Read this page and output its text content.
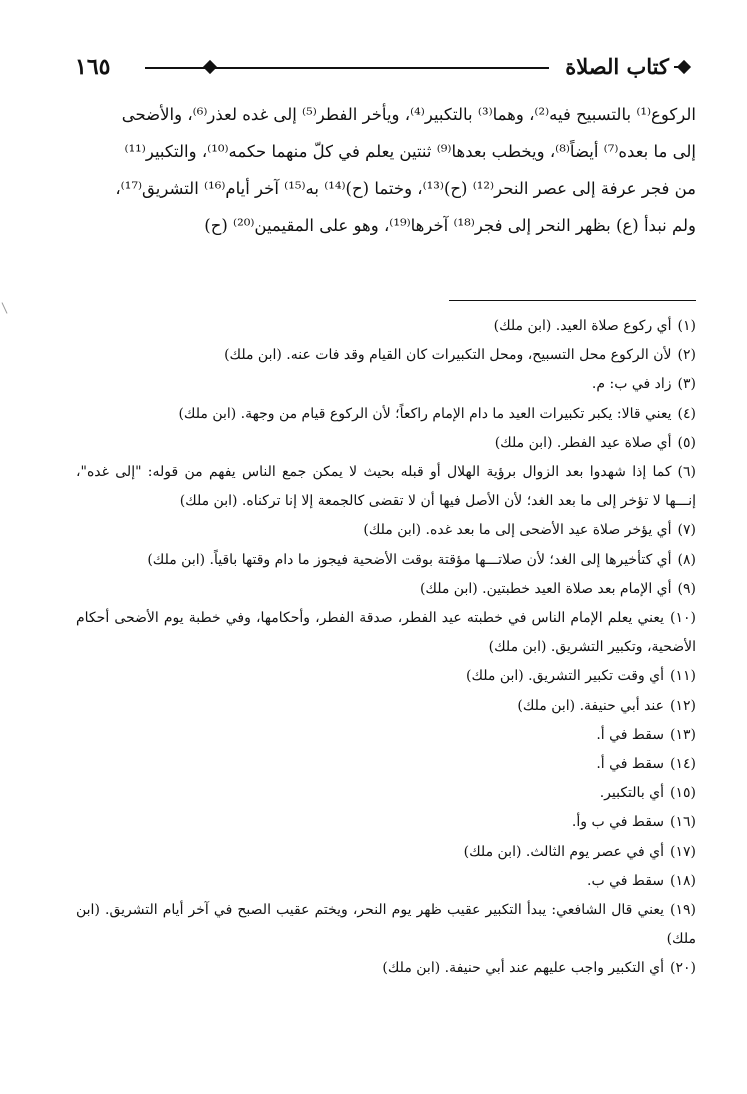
١٦٥	كتاب الصلاة
الركوع⁽¹⁾ بالتسبيح فيه⁽²⁾، وهما⁽³⁾ بالتكبير⁽⁴⁾، ويأخر الفطر⁽⁵⁾ إلى غده لعذر⁽⁶⁾، والأضحى
إلى ما بعده⁽⁷⁾ أيضاً⁽⁸⁾، ويخطب بعدها⁽⁹⁾ ثنتين يعلم في كلّ منهما حكمه⁽¹⁰⁾، والتكبير⁽¹¹⁾
من فجر عرفة إلى عصر النحر⁽¹²⁾ (ح)⁽¹³⁾، وختما (ح)⁽¹⁴⁾ به⁽¹⁵⁾ آخر أيام⁽¹⁶⁾ التشريق⁽¹⁷⁾،
ولم نبدأ (ع) بظهر النحر إلى فجر⁽¹⁸⁾ آخرها⁽¹⁹⁾، وهو على المقيمين⁽²⁰⁾ (ح)
(١)أي ركوع صلاة العيد. (ابن ملك)
(٢)لأن الركوع محل التسبيح، ومحل التكبيرات كان القيام وقد فات عنه. (ابن ملك)
(٣)زاد في ب: م.
(٤)يعني قالا: يكبر تكبيرات العيد ما دام الإمام راكعاً؛ لأن الركوع قيام من وجهة. (ابن ملك)
(٥)أي صلاة عيد الفطر. (ابن ملك)
(٦)كما إذا شهدوا بعد الزوال برؤية الهلال أو قبله بحيث لا يمكن جمع الناس يفهم من قوله: "إلى غده"، إنـــها لا تؤخر إلى ما بعد الغد؛ لأن الأصل فيها أن لا تقضى كالجمعة إلا إنا تركناه. (ابن ملك)
(٧)أي يؤخر صلاة عيد الأضحى إلى ما بعد غده. (ابن ملك)
(٨)أي كتأخيرها إلى الغد؛ لأن صلاتـــها مؤقتة بوقت الأضحية فيجوز ما دام وقتها باقياً. (ابن ملك)
(٩)أي الإمام بعد صلاة العيد خطبتين. (ابن ملك)
(١٠)يعني يعلم الإمام الناس في خطبته عيد الفطر، صدقة الفطر، وأحكامها، وفي خطبة يوم الأضحى أحكام الأضحية، وتكبير التشريق. (ابن ملك)
(١١)أي وقت تكبير التشريق. (ابن ملك)
(١٢)عند أبي حنيفة. (ابن ملك)
(١٣)سقط في أ.
(١٤)سقط في أ.
(١٥)أي بالتكبير.
(١٦)سقط في ب وأ.
(١٧)أي في عصر يوم الثالث. (ابن ملك)
(١٨)سقط في ب.
(١٩)يعني قال الشافعي: يبدأ التكبير عقيب ظهر يوم النحر، ويختم عقيب الصبح في آخر أيام التشريق. (ابن ملك)
(٢٠)أي التكبير واجب عليهم عند أبي حنيفة. (ابن ملك)
